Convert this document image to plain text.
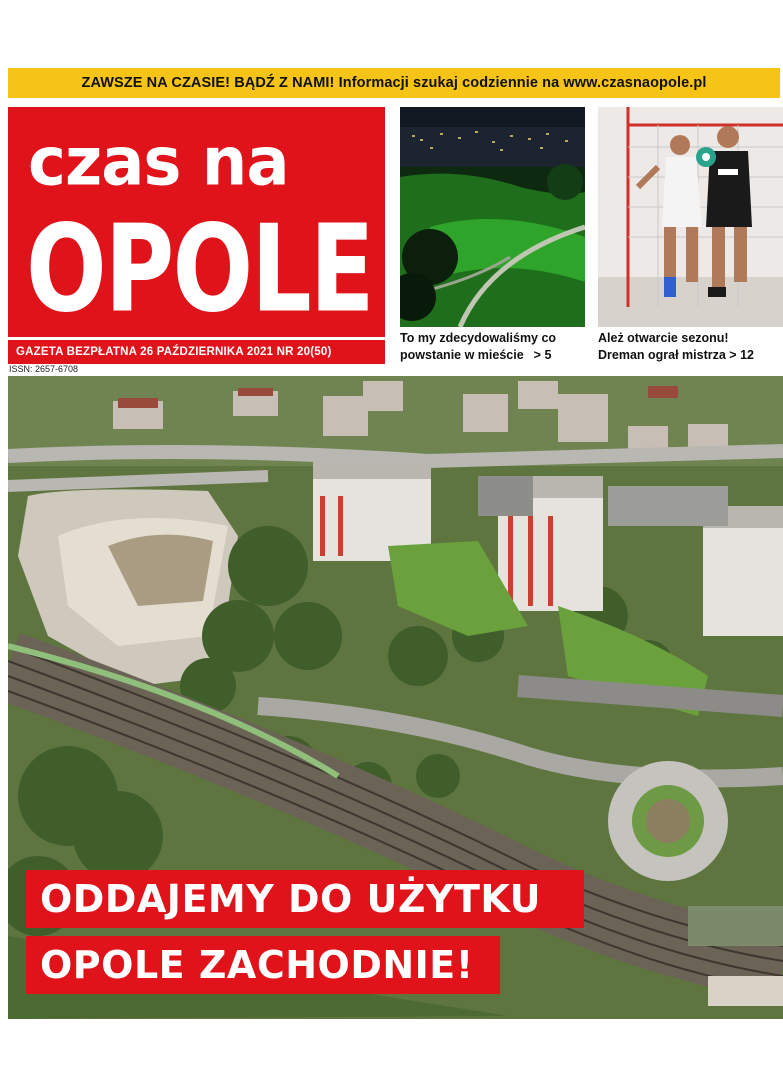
ZAWSZE NA CZASIE! BĄDŹ Z NAMI! Informacji szukaj codziennie na www.czasnaopole.pl
czas na
OPOLE
GAZETA BEZPŁATNA 26 PAŹDZIERNIKA 2021 NR 20(50)
ISSN: 2657-6708
To my zdecydowaliśmy co
powstanie w mieście > 5
Ależ otwarcie sezonu!
Dreman ograł mistrza > 12
ODDAJEMY DO UŻYTKU
OPOLE ZACHODNIE!
